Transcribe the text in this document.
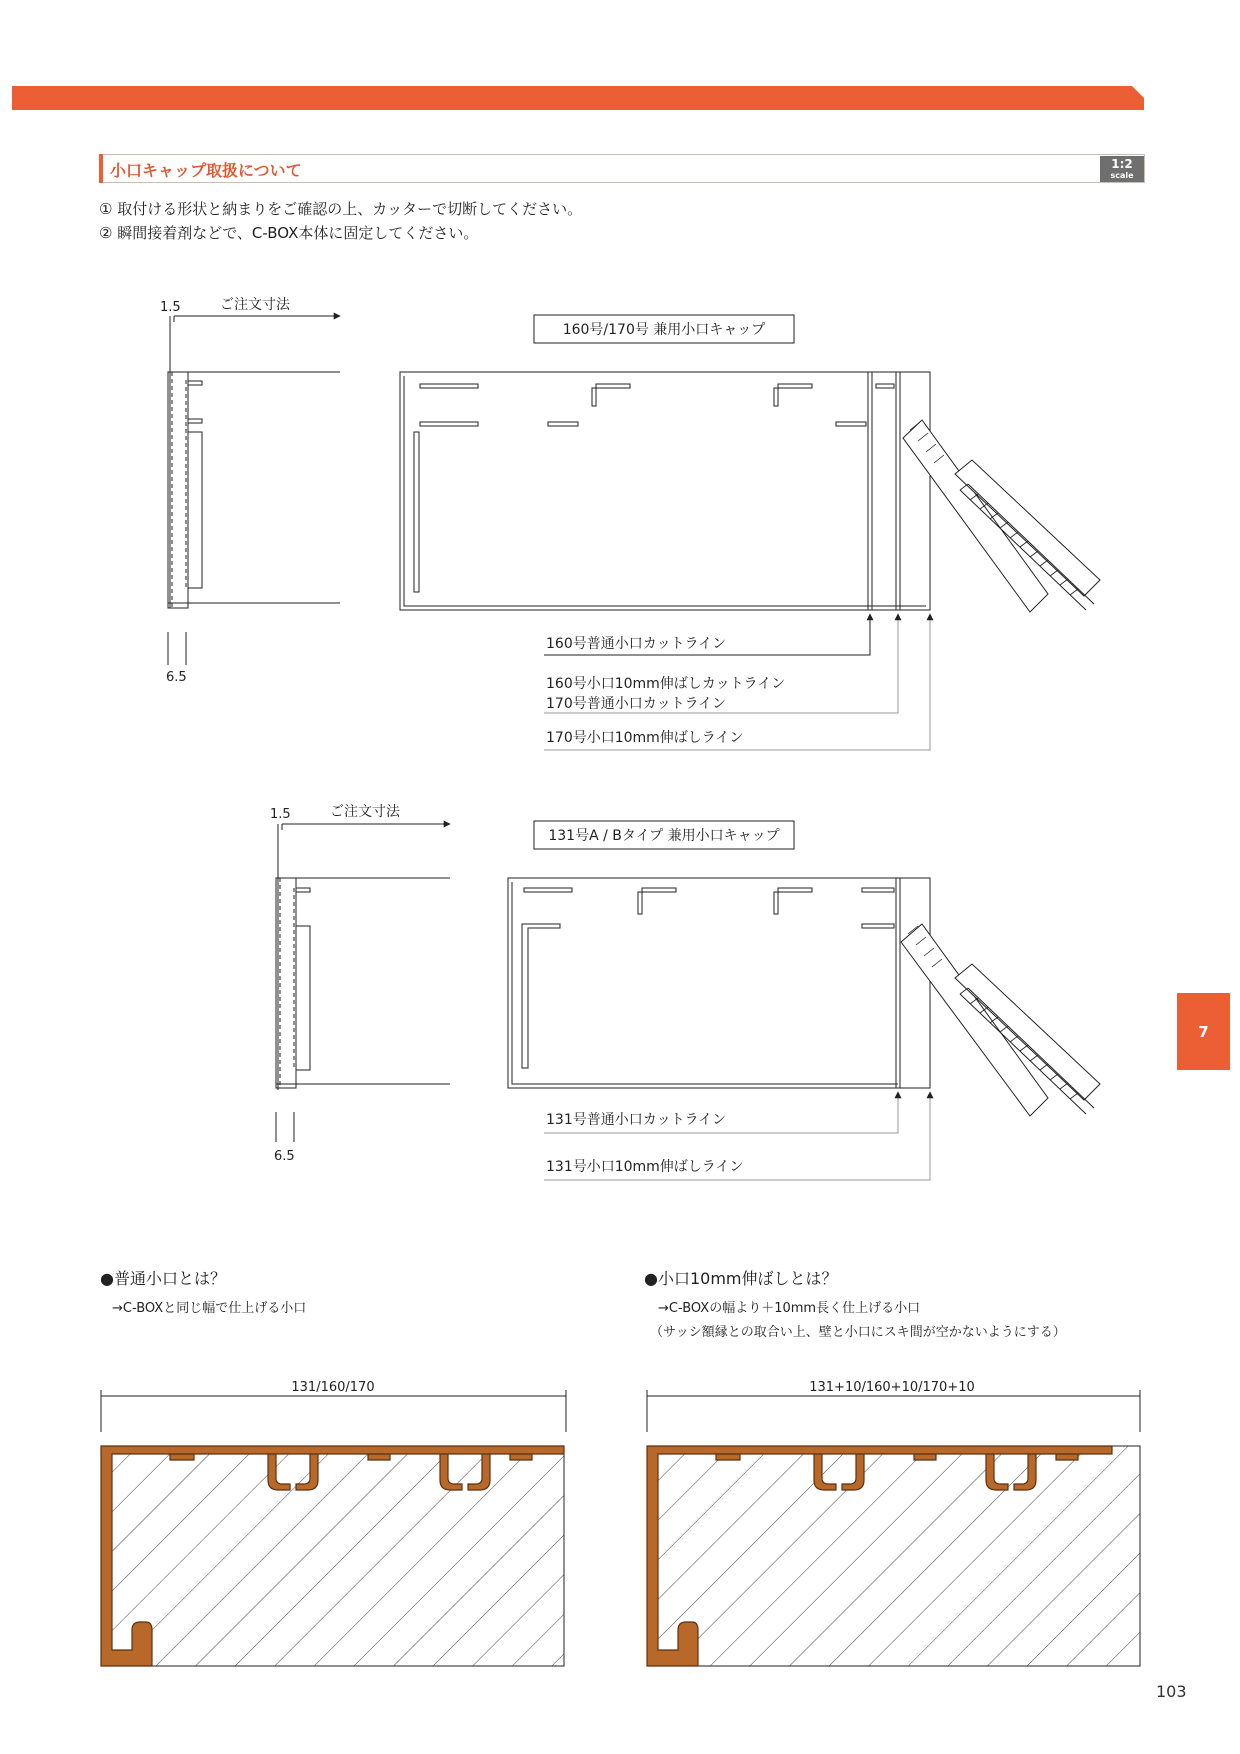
小口キャップ取扱について	1:2
scale
① 取付ける形状と納まりをご確認の上、カッターで切断してください。
② 瞬間接着剤などで、C-BOX本体に固定してください。
1.5	ご注文寸法
6.5
160号/170号 兼用小口キャップ
160号普通小口カットライン
160号小口10mm伸ばしカットライン
170号普通小口カットライン
170号小口10mm伸ばしライン
1.5	ご注文寸法
6.5
131号A / Bタイプ 兼用小口キャップ
131号普通小口カットライン
131号小口10mm伸ばしライン
●普通小口とは？
→C-BOXと同じ幅で仕上げる小口
131/160/170
●小口10mm伸ばしとは？
→C-BOXの幅より＋10mm長く仕上げる小口
（サッシ額縁との取合い上、壁と小口にスキ間が空かないようにする）
131+10/160+10/170+10
7
103
